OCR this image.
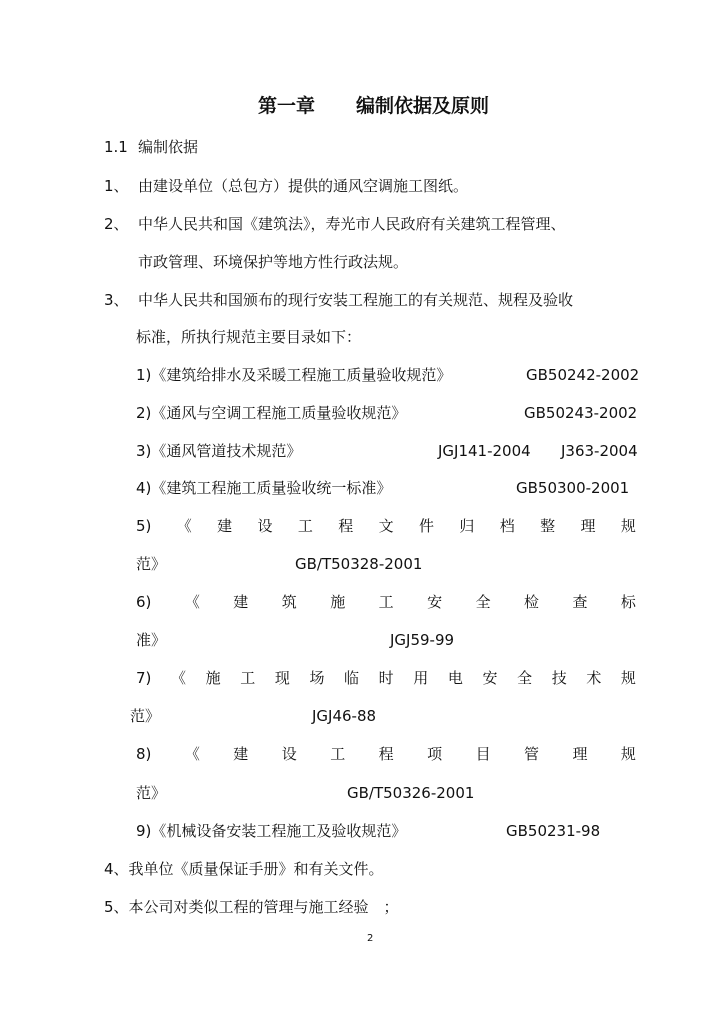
第一章 编制依据及原则
1.1 编制依据
1、 由建设单位（总包方）提供的通风空调施工图纸。
2、 中华人民共和国《建筑法》，寿光市人民政府有关建筑工程管理、
市政管理、环境保护等地方性行政法规。
3、 中华人民共和国颁布的现行安装工程施工的有关规范、规程及验收
标准，所执行规范主要目录如下：
1)《建筑给排水及采暖工程施工质量验收规范》	GB50242-2002
2)《通风与空调工程施工质量验收规范》	GB50243-2002
3)《通风管道技术规范》	JGJ141-2004 J363-2004
4)《建筑工程施工质量验收统一标准》	GB50300-2001
5) 《 建 设 工 程 文 件 归 档 整 理 规
范》	GB/T50328-2001
6) 《 建 筑 施 工 安 全 检 查 标
准》	JGJ59-99
7) 《 施 工 现 场 临 时 用 电 安 全 技 术 规
范》	JGJ46-88
8) 《 建 设 工 程 项 目 管 理 规
范》	GB/T50326-2001
9)《机械设备安装工程施工及验收规范》	GB50231-98
4、我单位《质量保证手册》和有关文件。
5、本公司对类似工程的管理与施工经验　；
2
